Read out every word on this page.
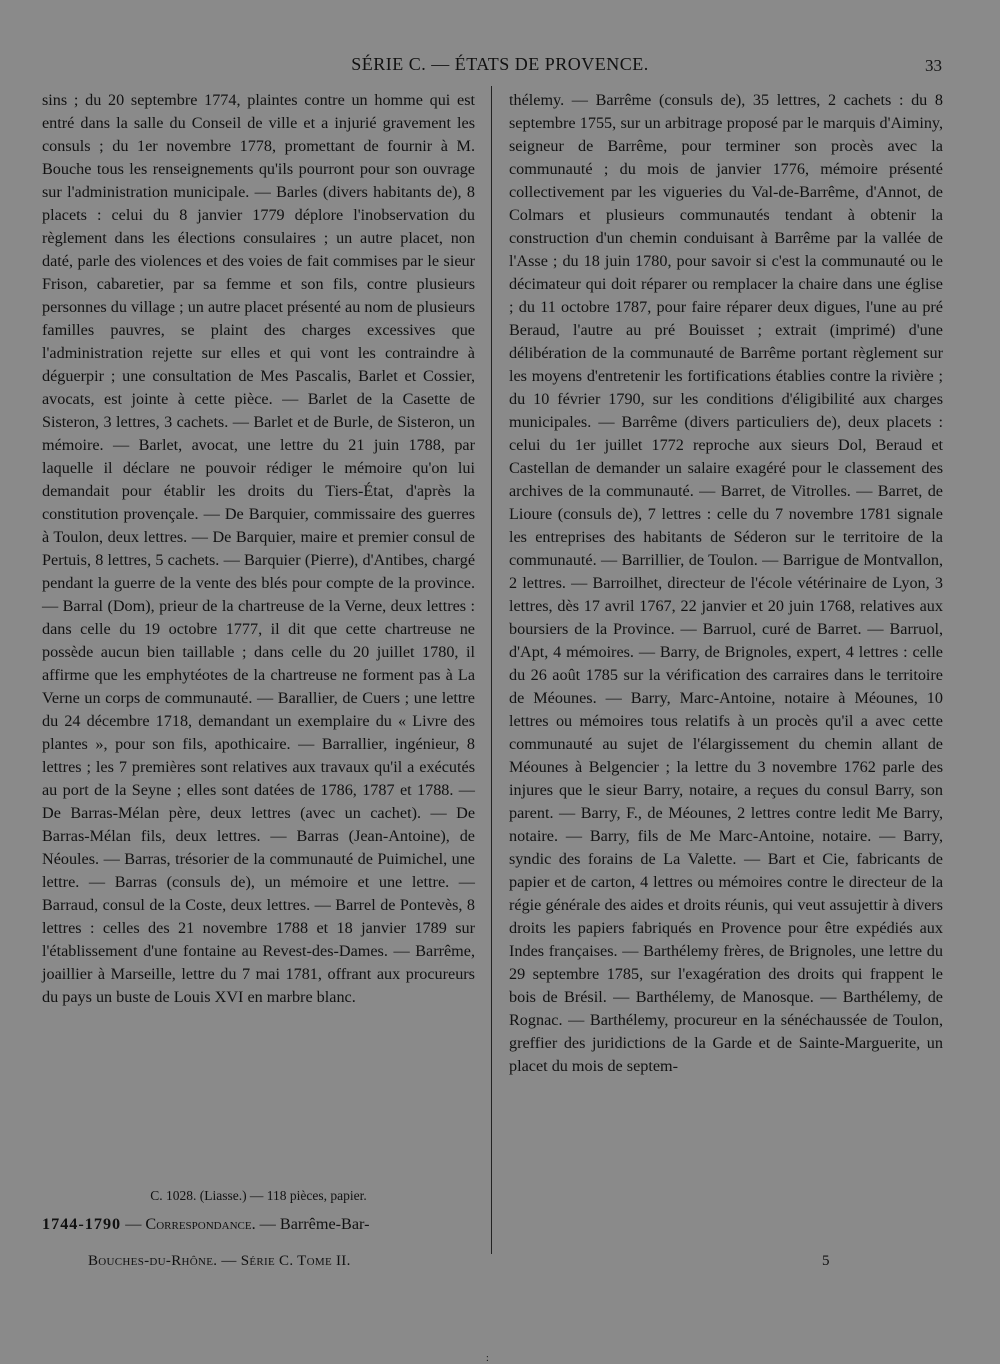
SÉRIE C. — ÉTATS DE PROVENCE.	33

sins ; du 20 septembre 1774, plaintes contre un homme qui est entré dans la salle du Conseil de ville et a injurié gravement les consuls ; du 1er novembre 1778, promettant de fournir à M. Bouche tous les renseignements qu'ils pourront pour son ouvrage sur l'administration municipale. — Barles (divers habitants de), 8 placets : celui du 8 janvier 1779 déplore l'inobservation du règlement dans les élections consulaires ; un autre placet, non daté, parle des violences et des voies de fait commises par le sieur Frison, cabaretier, par sa femme et son fils, contre plusieurs personnes du village ; un autre placet présenté au nom de plusieurs familles pauvres, se plaint des charges excessives que l'administration rejette sur elles et qui vont les contraindre à déguerpir ; une consultation de Mes Pascalis, Barlet et Cossier, avocats, est jointe à cette pièce. — Barlet de la Casette de Sisteron, 3 lettres, 3 cachets. — Barlet et de Burle, de Sisteron, un mémoire. — Barlet, avocat, une lettre du 21 juin 1788, par laquelle il déclare ne pouvoir rédiger le mémoire qu'on lui demandait pour établir les droits du Tiers-État, d'après la constitution provençale. — De Barquier, commissaire des guerres à Toulon, deux lettres. — De Barquier, maire et premier consul de Pertuis, 8 lettres, 5 cachets. — Barquier (Pierre), d'Antibes, chargé pendant la guerre de la vente des blés pour compte de la province. — Barral (Dom), prieur de la chartreuse de la Verne, deux lettres : dans celle du 19 octobre 1777, il dit que cette chartreuse ne possède aucun bien taillable ; dans celle du 20 juillet 1780, il affirme que les emphytéotes de la chartreuse ne forment pas à La Verne un corps de communauté. — Barallier, de Cuers ; une lettre du 24 décembre 1718, demandant un exemplaire du « Livre des plantes », pour son fils, apothicaire. — Barrallier, ingénieur, 8 lettres ; les 7 premières sont relatives aux travaux qu'il a exécutés au port de la Seyne ; elles sont datées de 1786, 1787 et 1788. — De Barras-Mélan père, deux lettres (avec un cachet). — De Barras-Mélan fils, deux lettres. — Barras (Jean-Antoine), de Néoules. — Barras, trésorier de la communauté de Puimichel, une lettre. — Barras (consuls de), un mémoire et une lettre. — Barraud, consul de la Coste, deux lettres. — Barrel de Pontevès, 8 lettres : celles des 21 novembre 1788 et 18 janvier 1789 sur l'établissement d'une fontaine au Revest-des-Dames. — Barrême, joaillier à Marseille, lettre du 7 mai 1781, offrant aux procureurs du pays un buste de Louis XVI en marbre blanc.

C. 1028. (Liasse.) — 118 pièces, papier.
1744-1790 — Correspondance. — Barrême-Bar-

thélemy. — Barrême (consuls de), 35 lettres, 2 cachets : du 8 septembre 1755, sur un arbitrage proposé par le marquis d'Aiminy, seigneur de Barrême, pour terminer son procès avec la communauté ; du mois de janvier 1776, mémoire présenté collectivement par les vigueries du Val-de-Barrême, d'Annot, de Colmars et plusieurs communautés tendant à obtenir la construction d'un chemin conduisant à Barrême par la vallée de l'Asse ; du 18 juin 1780, pour savoir si c'est la communauté ou le décimateur qui doit réparer ou remplacer la chaire dans une église ; du 11 octobre 1787, pour faire réparer deux digues, l'une au pré Beraud, l'autre au pré Bouisset ; extrait (imprimé) d'une délibération de la communauté de Barrême portant règlement sur les moyens d'entretenir les fortifications établies contre la rivière ; du 10 février 1790, sur les conditions d'éligibilité aux charges municipales. — Barrême (divers particuliers de), deux placets : celui du 1er juillet 1772 reproche aux sieurs Dol, Beraud et Castellan de demander un salaire exagéré pour le classement des archives de la communauté. — Barret, de Vitrolles. — Barret, de Lioure (consuls de), 7 lettres : celle du 7 novembre 1781 signale les entreprises des habitants de Séderon sur le territoire de la communauté. — Barrillier, de Toulon. — Barrigue de Montvallon, 2 lettres. — Barroilhet, directeur de l'école vétérinaire de Lyon, 3 lettres, dès 17 avril 1767, 22 janvier et 20 juin 1768, relatives aux boursiers de la Province. — Barruol, curé de Barret. — Barruol, d'Apt, 4 mémoires. — Barry, de Brignoles, expert, 4 lettres : celle du 26 août 1785 sur la vérification des carraires dans le territoire de Méounes. — Barry, Marc-Antoine, notaire à Méounes, 10 lettres ou mémoires tous relatifs à un procès qu'il a avec cette communauté au sujet de l'élargissement du chemin allant de Méounes à Belgencier ; la lettre du 3 novembre 1762 parle des injures que le sieur Barry, notaire, a reçues du consul Barry, son parent. — Barry, F., de Méounes, 2 lettres contre ledit Me Barry, notaire. — Barry, fils de Me Marc-Antoine, notaire. — Barry, syndic des forains de La Valette. — Bart et Cie, fabricants de papier et de carton, 4 lettres ou mémoires contre le directeur de la régie générale des aides et droits réunis, qui veut assujettir à divers droits les papiers fabriqués en Provence pour être expédiés aux Indes françaises. — Barthélemy frères, de Brignoles, une lettre du 29 septembre 1785, sur l'exagération des droits qui frappent le bois de Brésil. — Barthélemy, de Manosque. — Barthélemy, de Rognac. — Barthélemy, procureur en la sénéchaussée de Toulon, greffier des juridictions de la Garde et de Sainte-Marguerite, un placet du mois de septem-

Bouches-du-Rhône. — Série C. Tome II.	5
:
